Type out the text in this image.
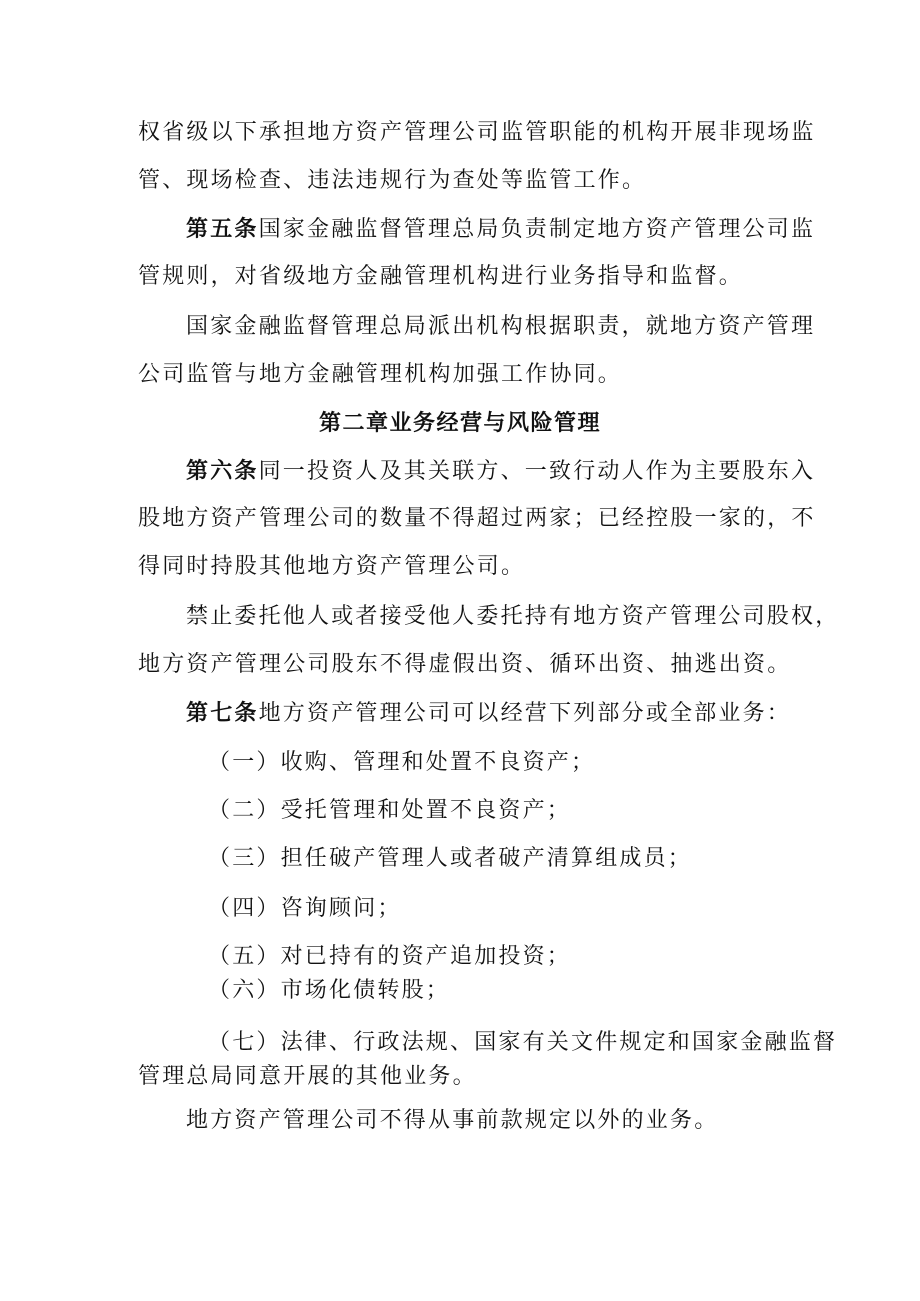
权省级以下承担地方资产管理公司监管职能的机构开展非现场监
管、现场检查、违法违规行为查处等监管工作。
第五条国家金融监督管理总局负责制定地方资产管理公司监
管规则，对省级地方金融管理机构进行业务指导和监督。
国家金融监督管理总局派出机构根据职责，就地方资产管理
公司监管与地方金融管理机构加强工作协同。
第二章业务经营与风险管理
第六条同一投资人及其关联方、一致行动人作为主要股东入
股地方资产管理公司的数量不得超过两家；已经控股一家的，不
得同时持股其他地方资产管理公司。
禁止委托他人或者接受他人委托持有地方资产管理公司股权，
地方资产管理公司股东不得虚假出资、循环出资、抽逃出资。
第七条地方资产管理公司可以经营下列部分或全部业务：
（一）收购、管理和处置不良资产；
（二）受托管理和处置不良资产；
（三）担任破产管理人或者破产清算组成员；
（四）咨询顾问；
（五）对已持有的资产追加投资；
（六）市场化债转股；
（七）法律、行政法规、国家有关文件规定和国家金融监督
管理总局同意开展的其他业务。
地方资产管理公司不得从事前款规定以外的业务。
